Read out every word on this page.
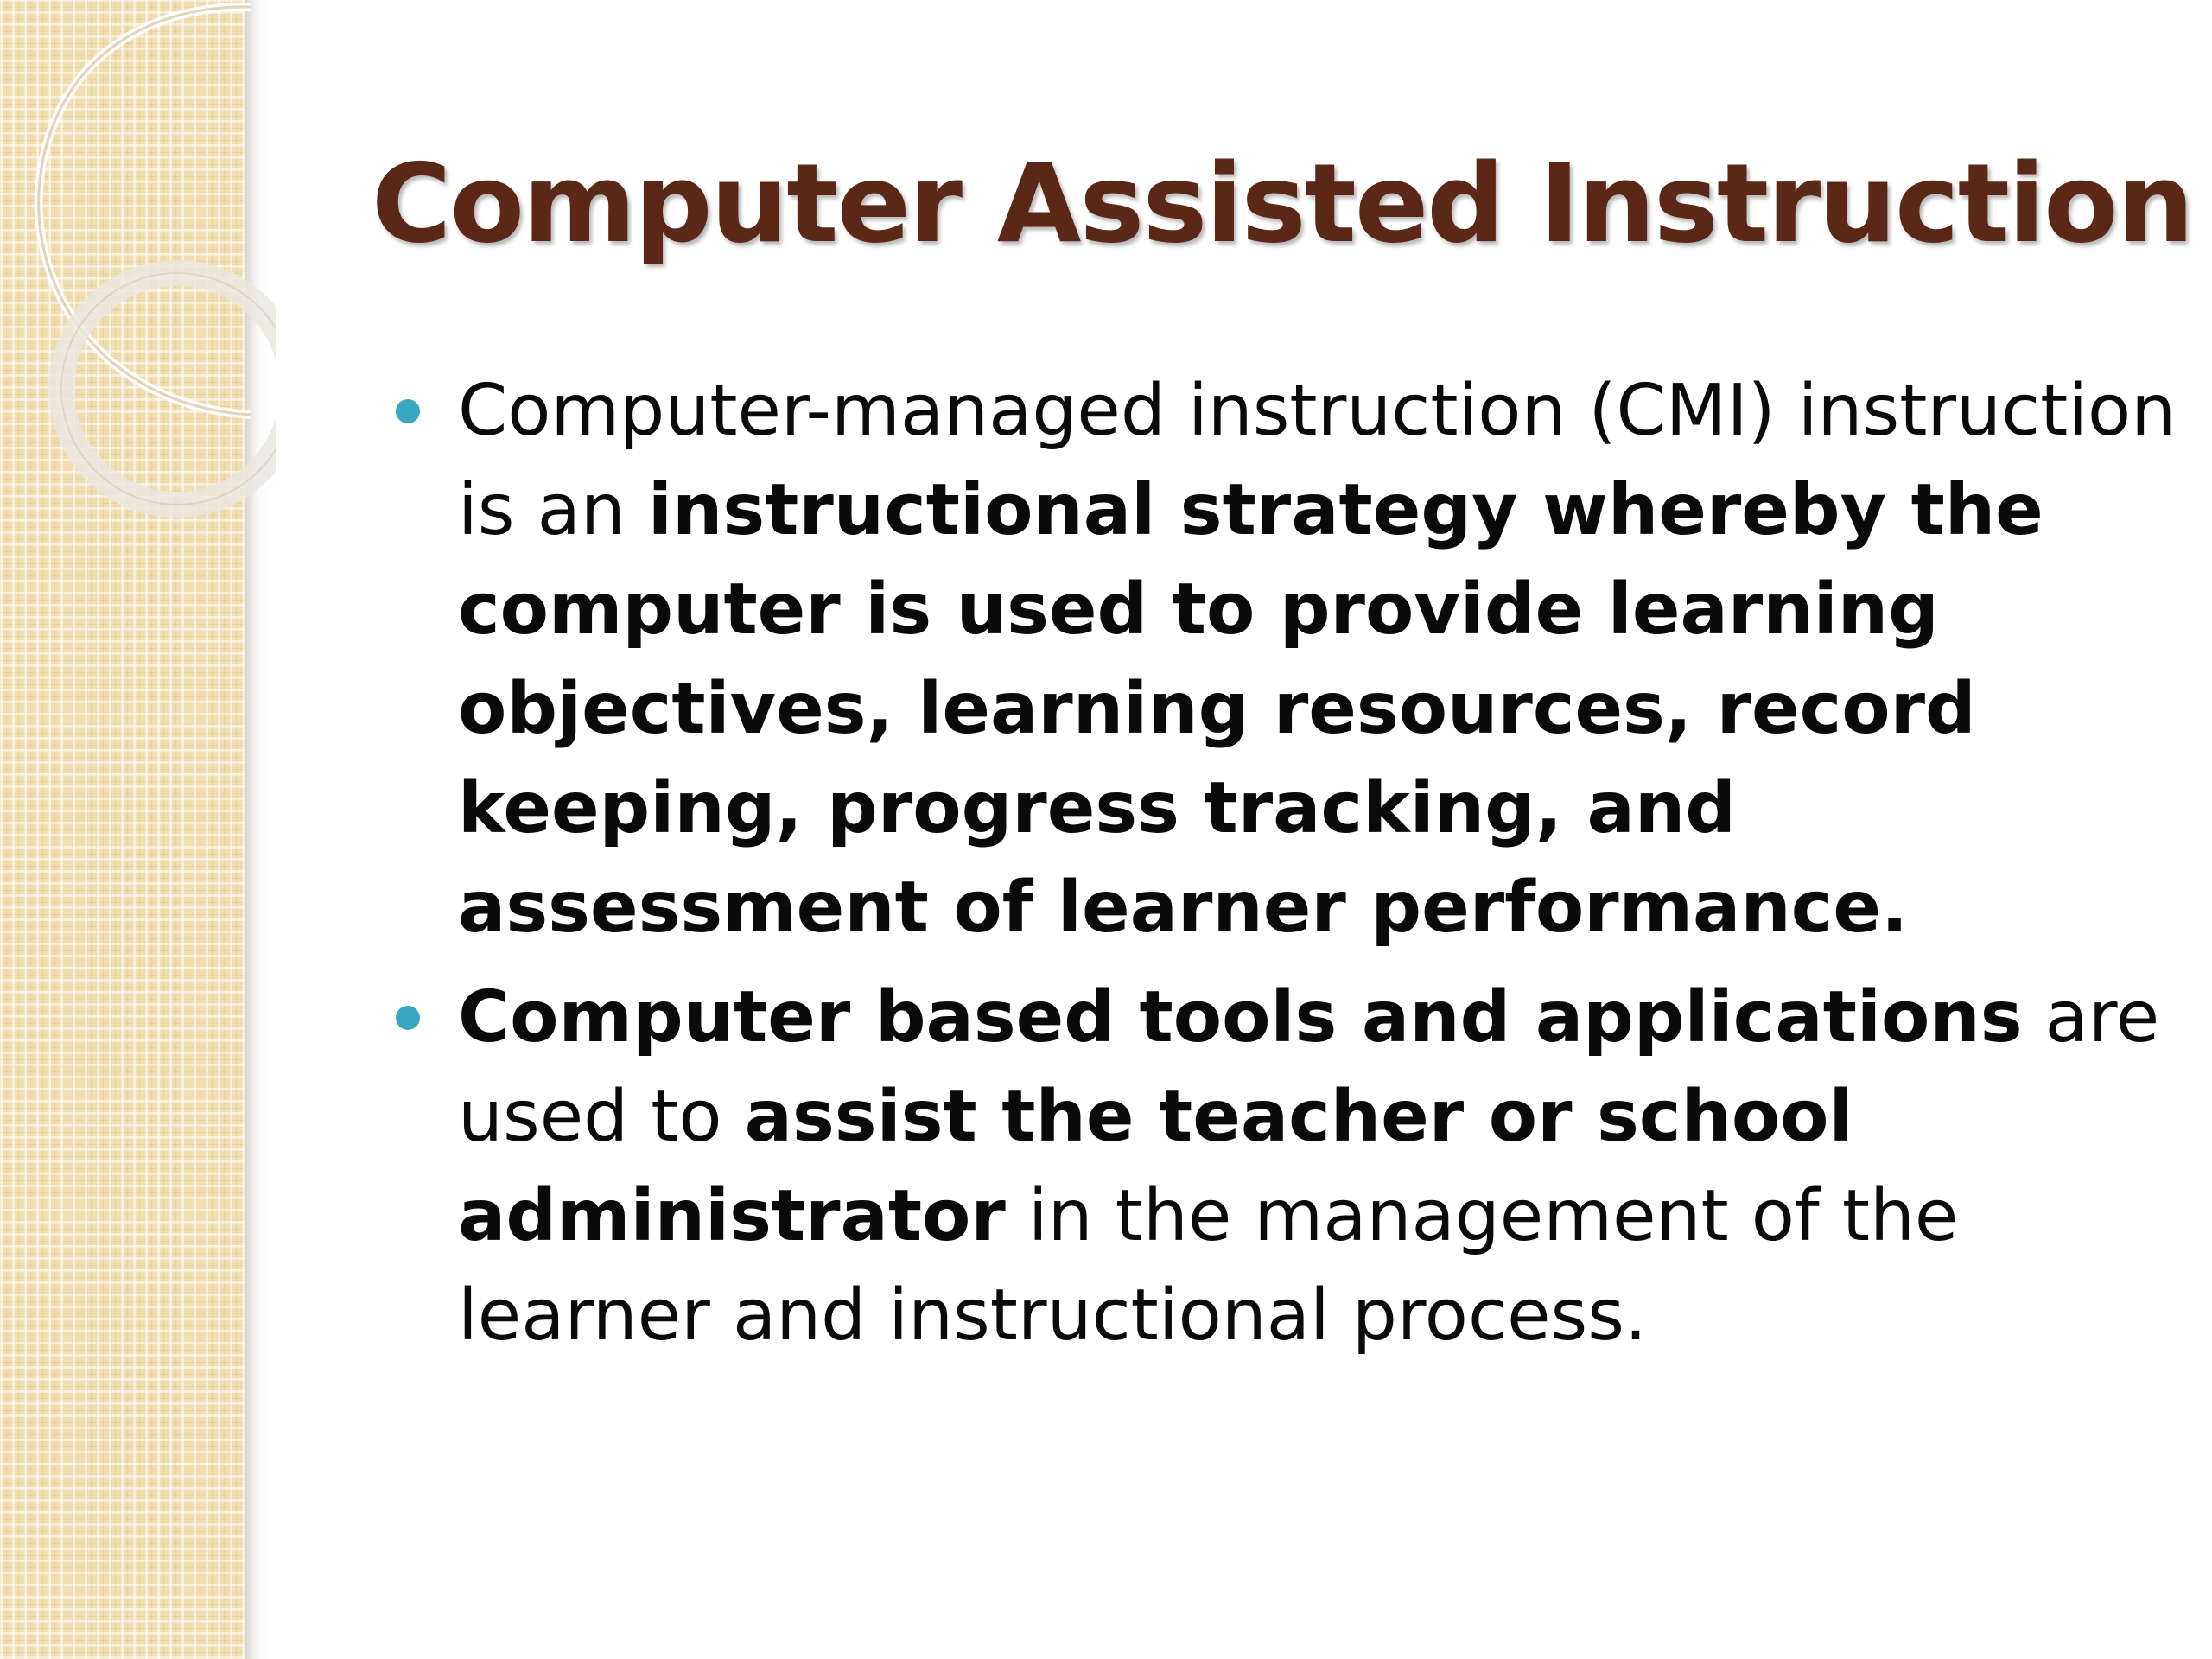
Computer Assisted Instruction
Computer-managed instruction (CMI) instruction is an instructional strategy whereby the computer is used to provide learning objectives, learning resources, record keeping, progress tracking, and assessment of learner performance.
Computer based tools and applications are used to assist the teacher or school administrator in the management of the learner and instructional process.
